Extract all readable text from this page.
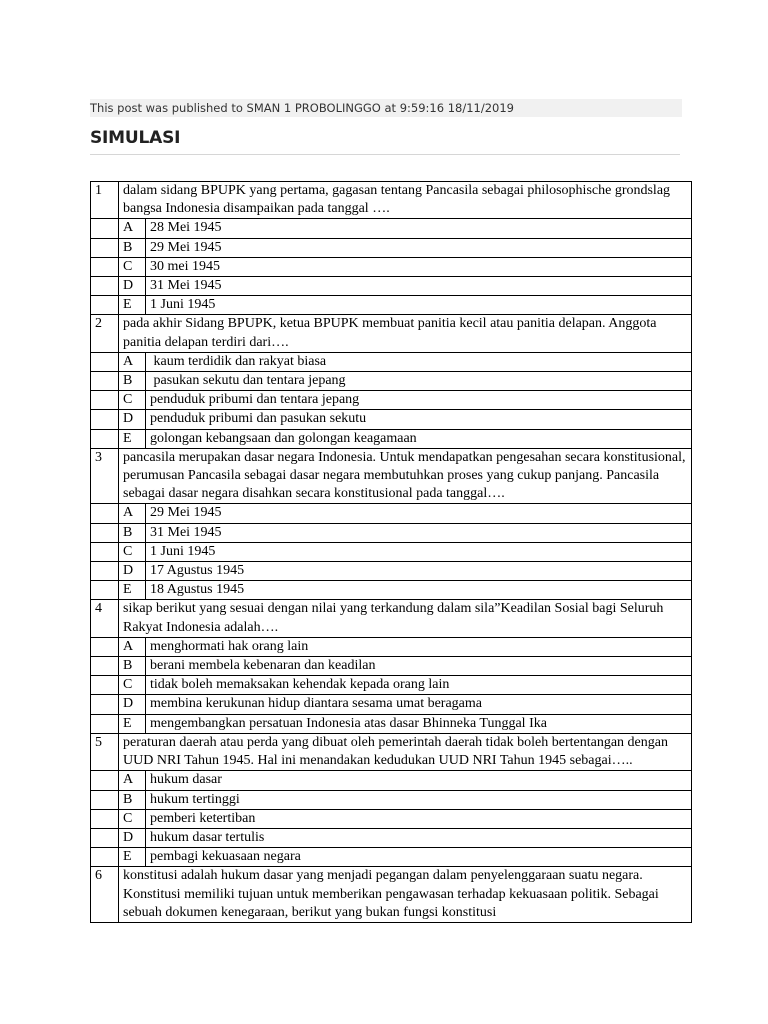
This post was published to SMAN 1 PROBOLINGGO at 9:59:16 18/11/2019
SIMULASI
1	dalam sidang BPUPK yang pertama, gagasan tentang Pancasila sebagai philosophische grondslag bangsa Indonesia disampaikan pada tanggal ….	
	A	28 Mei 1945
	B	29 Mei 1945
	C	30 mei 1945
	D	31 Mei 1945
	E	1 Juni 1945
2	pada akhir Sidang BPUPK, ketua BPUPK membuat panitia kecil atau panitia delapan. Anggota panitia delapan terdiri dari….	
	A	kaum terdidik dan rakyat biasa
	B	pasukan sekutu dan tentara jepang
	C	penduduk pribumi dan tentara jepang
	D	penduduk pribumi dan pasukan sekutu
	E	golongan kebangsaan dan golongan keagamaan
3	pancasila merupakan dasar negara Indonesia. Untuk mendapatkan pengesahan secara konstitusional, perumusan Pancasila sebagai dasar negara membutuhkan proses yang cukup panjang. Pancasila sebagai dasar negara disahkan secara konstitusional pada tanggal….	
	A	29 Mei 1945
	B	31 Mei 1945
	C	1 Juni 1945
	D	17 Agustus 1945
	E	18 Agustus 1945
4	sikap berikut yang sesuai dengan nilai yang terkandung dalam sila”Keadilan Sosial bagi Seluruh Rakyat Indonesia adalah….	
	A	menghormati hak orang lain
	B	berani membela kebenaran dan keadilan
	C	tidak boleh memaksakan kehendak kepada orang lain
	D	membina kerukunan hidup diantara sesama umat beragama
	E	mengembangkan persatuan Indonesia atas dasar Bhinneka Tunggal Ika
5	peraturan daerah atau perda yang dibuat oleh pemerintah daerah tidak boleh bertentangan dengan UUD NRI Tahun 1945. Hal ini menandakan kedudukan UUD NRI Tahun 1945 sebagai…..	
	A	hukum dasar
	B	hukum tertinggi
	C	pemberi ketertiban
	D	hukum dasar tertulis
	E	pembagi kekuasaan negara
6	konstitusi adalah hukum dasar yang menjadi pegangan dalam penyelenggaraan suatu negara. Konstitusi memiliki tujuan untuk memberikan pengawasan terhadap kekuasaan politik. Sebagai sebuah dokumen kenegaraan, berikut yang bukan fungsi konstitusi	
